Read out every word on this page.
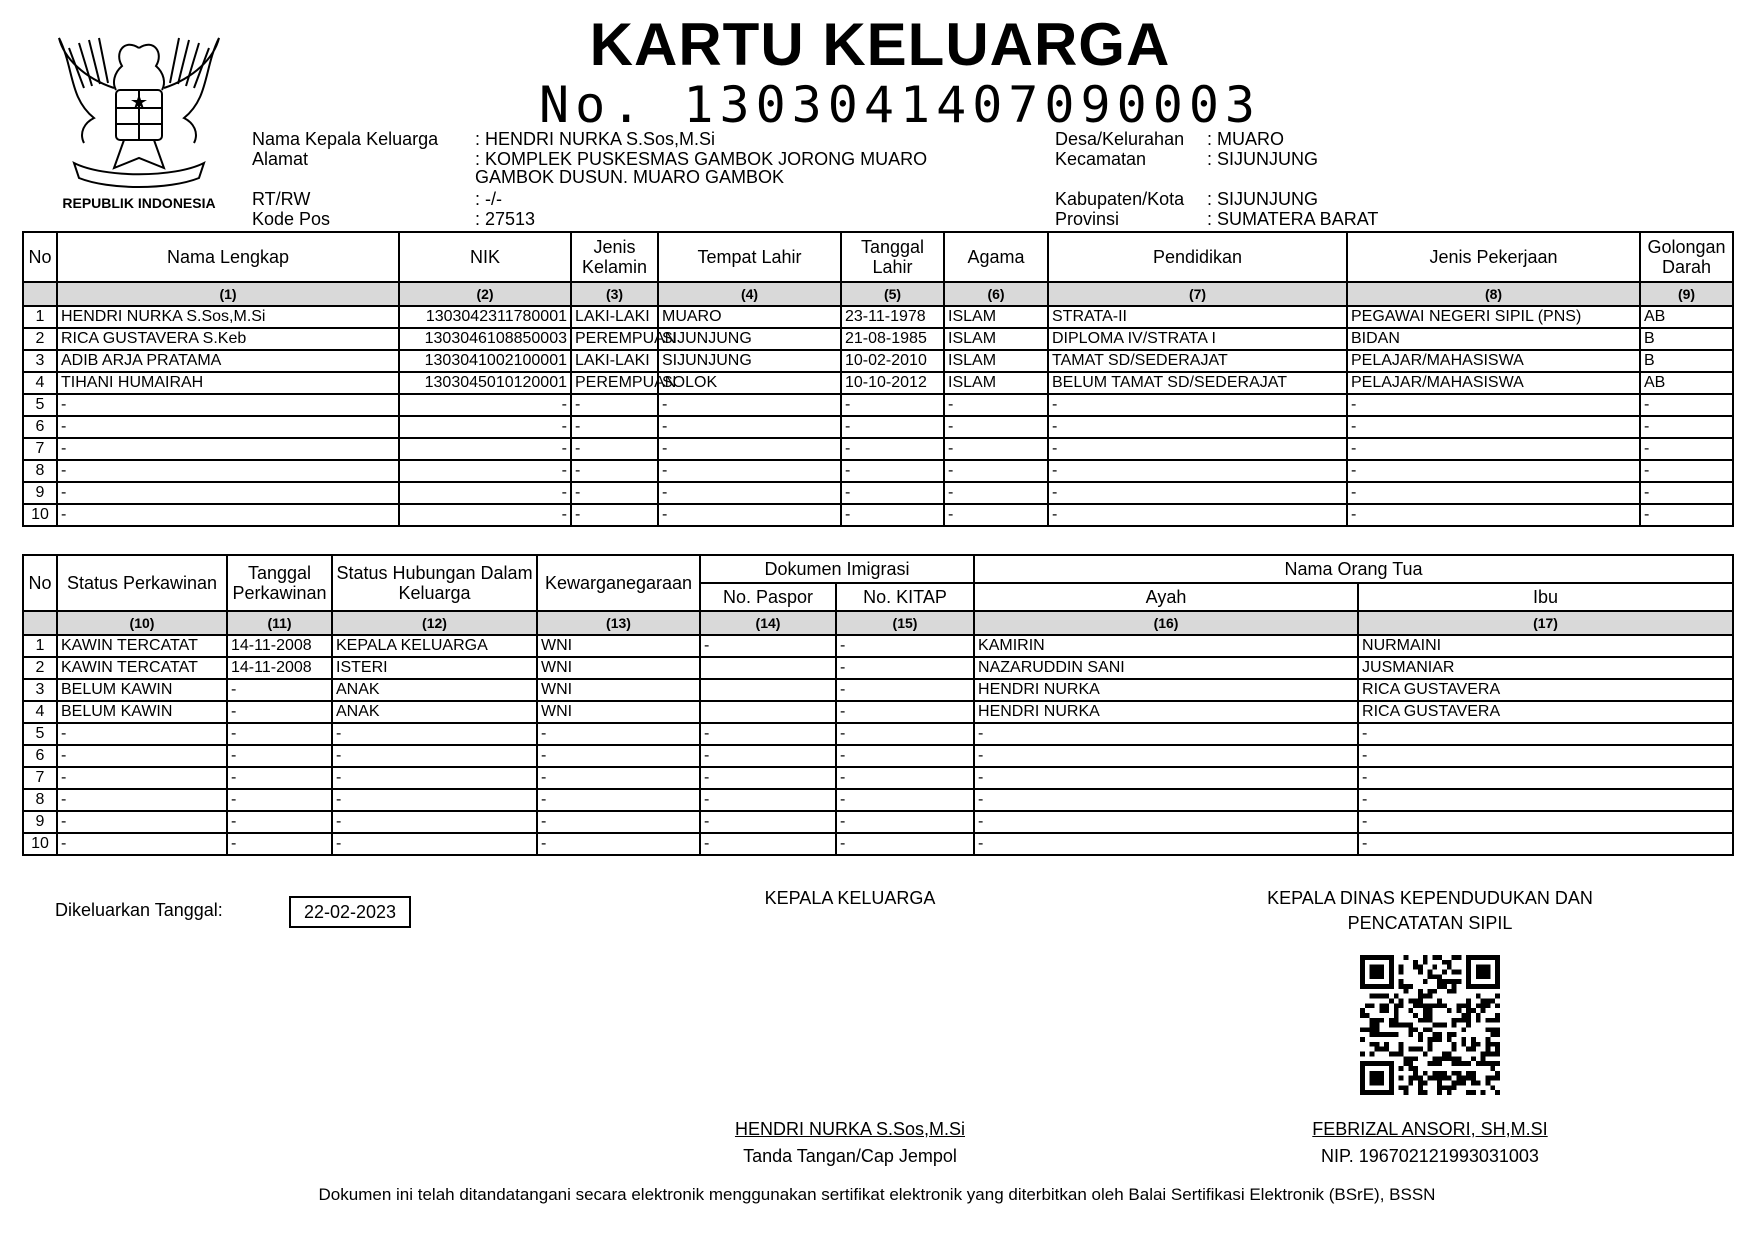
REPUBLIK INDONESIA
KARTU KELUARGA
No. 1303041407090003
Nama Kepala Keluarga : HENDRI NURKA S.Sos,M.Si
Alamat	: KOMPLEK PUSKESMAS GAMBOK JORONG MUARO
GAMBOK DUSUN. MUARO GAMBOK
RT/RW	: -/-
Kode Pos	: 27513
Desa/Kelurahan : MUARO
Kecamatan	: SIJUNJUNG
Kabupaten/Kota : SIJUNJUNG
Provinsi	: SUMATERA BARAT
No	Nama Lengkap	NIK	Jenis Kelamin	Tempat Lahir	Tanggal Lahir	Agama	Pendidikan	Jenis Pekerjaan	Golongan Darah
	(1)	(2)	(3)	(4)	(5)	(6)	(7)	(8)	(9)
1	HENDRI NURKA S.Sos,M.Si	1303042311780001	LAKI-LAKI	MUARO	23-11-1978	ISLAM	STRATA-II	PEGAWAI NEGERI SIPIL (PNS)	AB
2	RICA GUSTAVERA S.Keb	1303046108850003	PEREMPUAN	SIJUNJUNG	21-08-1985	ISLAM	DIPLOMA IV/STRATA I	BIDAN	B
3	ADIB ARJA PRATAMA	1303041002100001	LAKI-LAKI	SIJUNJUNG	10-02-2010	ISLAM	TAMAT SD/SEDERAJAT	PELAJAR/MAHASISWA	B
4	TIHANI HUMAIRAH	1303045010120001	PEREMPUAN	SOLOK	10-10-2012	ISLAM	BELUM TAMAT SD/SEDERAJAT	PELAJAR/MAHASISWA	AB
5	-	-	-	-	-	-	-	-	-
6	-	-	-	-	-	-	-	-	-
7	-	-	-	-	-	-	-	-	-
8	-	-	-	-	-	-	-	-	-
9	-	-	-	-	-	-	-	-	-
10	-	-	-	-	-	-	-	-	-
No	Status Perkawinan	Tanggal Perkawinan	Status Hubungan Dalam Keluarga	Kewarganegaraan	Dokumen Imigrasi		Nama Orang Tua	
					No. Paspor	No. KITAP	Ayah	Ibu
	(10)	(11)	(12)	(13)	(14)	(15)	(16)	(17)
1	KAWIN TERCATAT	14-11-2008	KEPALA KELUARGA	WNI	-	-	KAMIRIN	NURMAINI
2	KAWIN TERCATAT	14-11-2008	ISTERI	WNI		-	NAZARUDDIN SANI	JUSMANIAR
3	BELUM KAWIN	-	ANAK	WNI		-	HENDRI NURKA	RICA GUSTAVERA
4	BELUM KAWIN	-	ANAK	WNI		-	HENDRI NURKA	RICA GUSTAVERA
5	-	-	-	-	-	-	-	-
6	-	-	-	-	-	-	-	-
7	-	-	-	-	-	-	-	-
8	-	-	-	-	-	-	-	-
9	-	-	-	-	-	-	-	-
10	-	-	-	-	-	-	-	-
Dikeluarkan Tanggal:	22-02-2023
KEPALA KELUARGA
HENDRI NURKA S.Sos,M.Si
Tanda Tangan/Cap Jempol
KEPALA DINAS KEPENDUDUKAN DAN
PENCATATAN SIPIL
FEBRIZAL ANSORI, SH,M.SI
NIP. 196702121993031003
Dokumen ini telah ditandatangani secara elektronik menggunakan sertifikat elektronik yang diterbitkan oleh Balai Sertifikasi Elektronik (BSrE), BSSN
